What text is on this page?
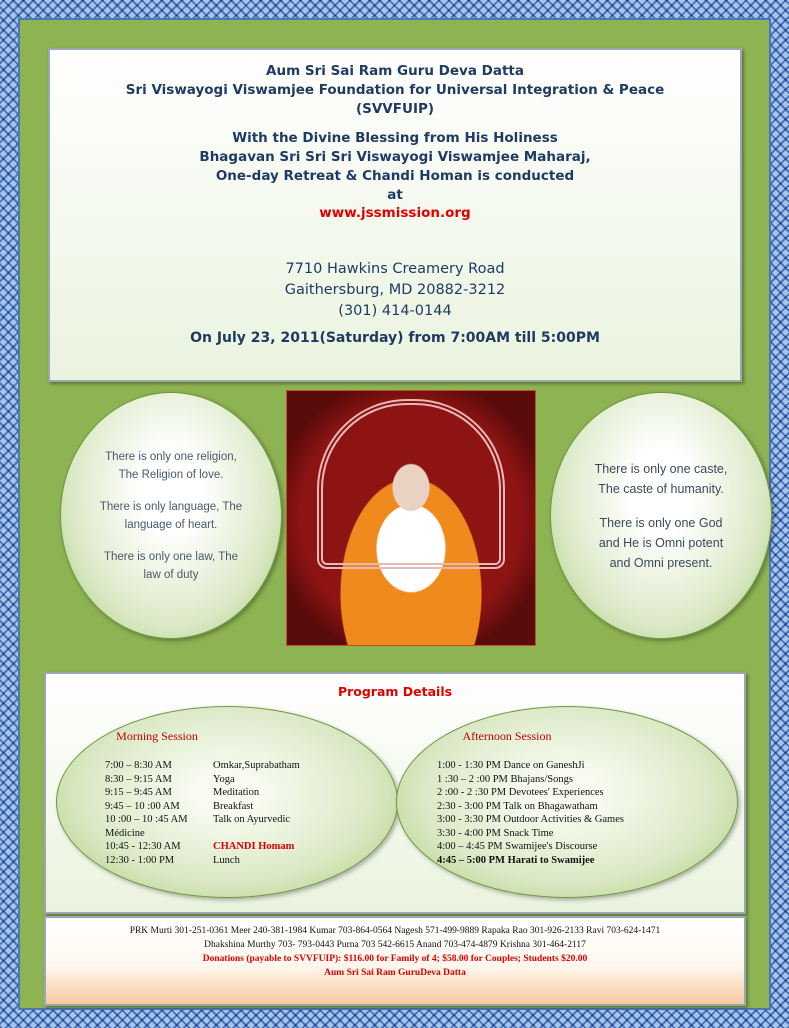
Aum Sri Sai Ram Guru Deva Datta
Sri Viswayogi Viswamjee Foundation for Universal Integration & Peace
(SVVFUIP)
With the Divine Blessing from His Holiness
Bhagavan Sri Sri Sri Viswayogi Viswamjee Maharaj,
One-day Retreat & Chandi Homan is conducted
at
www.jssmission.org
7710 Hawkins Creamery Road
Gaithersburg, MD 20882-3212
(301) 414-0144
On July 23, 2011(Saturday) from 7:00AM till 5:00PM

There is only one religion, The Religion of love.

There is only language, The language of heart.

There is only one law, The law of duty

There is only one caste, The caste of humanity.

There is only one God and He is Omni potent and Omni present.

Program Details
Morning Session
7:00 – 8:30 AM	Omkar,Suprabatham
8:30 – 9:15 AM	Yoga
9:15 – 9:45 AM	Meditation
9:45 – 10 :00 AM	Breakfast
10 :00 – 10 :45 AM Talk on Ayurvedic
Médicine
10:45 - 12:30 AM	CHANDI Homam
12:30 - 1:00 PM	Lunch
Afternoon Session
1:00 - 1:30 PM Dance on GaneshJi
1 :30 – 2 :00 PM Bhajans/Songs
2 :00 - 2 :30 PM Devotees' Experiences
2:30 - 3:00 PM Talk on Bhagawatham
3:00 - 3:30 PM Outdoor Activities & Games
3:30 - 4:00 PM Snack Time
4:00 – 4:45 PM Swamijee's Discourse
4:45 – 5:00 PM Harati to Swamijee
PRK Murti 301-251-0361 Meer 240-381-1984 Kumar 703-864-0564 Nagesh 571-499-9889 Rapaka Rao 301-926-2133 Ravi 703-624-1471
Dhakshina Murthy 703- 793-0443 Purna 703 542-6615 Anand 703-474-4879 Krishna 301-464-2117
Donations (payable to SVVFUIP): $116.00 for Family of 4; $58.00 for Couples; Students $20.00
Aum Sri Sai Ram GuruDeva Datta
